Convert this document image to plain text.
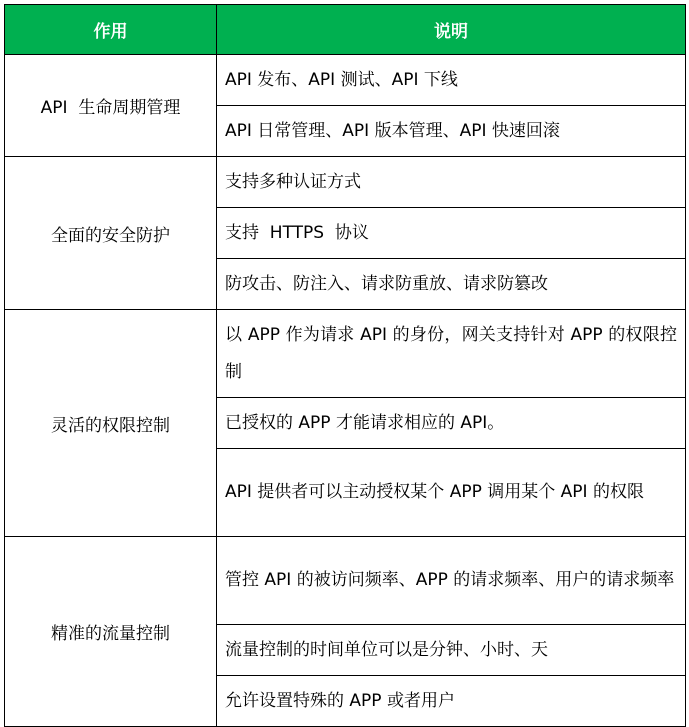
作用	说明
API  生命周期管理	API 发布、API 测试、API 下线
	API 日常管理、API 版本管理、API 快速回滚
全面的安全防护	支持多种认证方式
	支持  HTTPS  协议
	防攻击、防注入、请求防重放、请求防篡改
灵活的权限控制	以 APP 作为请求 API 的身份，网关支持针对 APP 的权限控制
	已授权的 APP 才能请求相应的 API。
	API 提供者可以主动授权某个 APP 调用某个 API 的权限
精准的流量控制	管控 API 的被访问频率、APP 的请求频率、用户的请求频率
	流量控制的时间单位可以是分钟、小时、天
	允许设置特殊的 APP 或者用户
